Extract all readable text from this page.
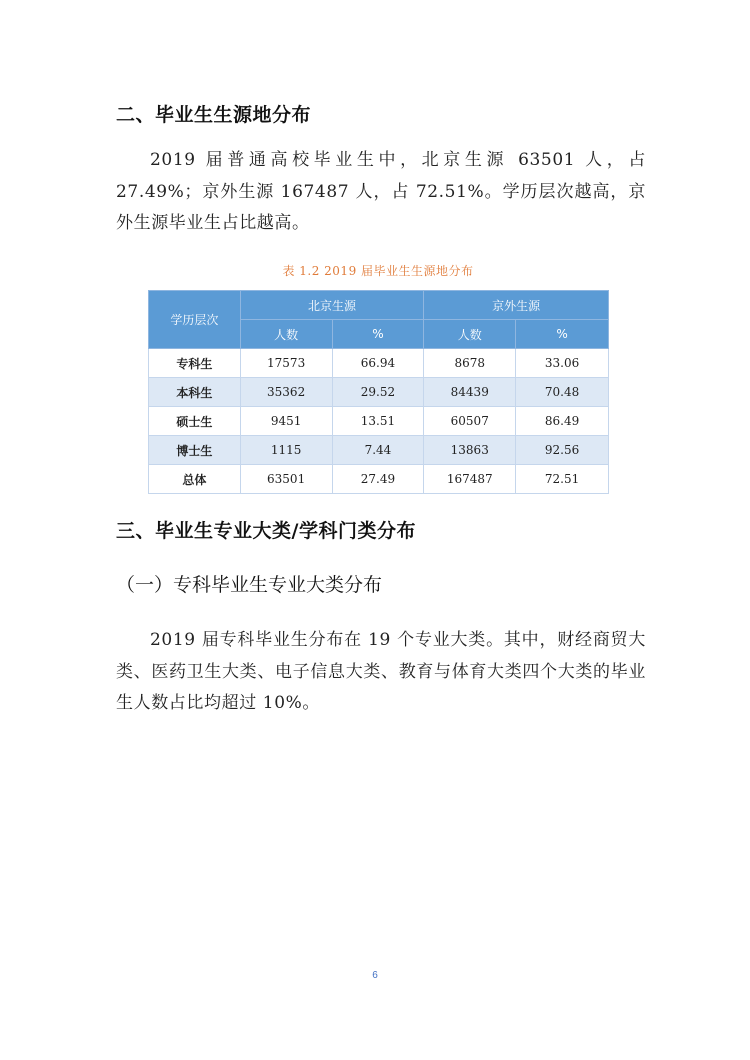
二、毕业生生源地分布
2019 届普通高校毕业生中，北京生源 63501 人，占 27.49%；京外生源 167487 人，占 72.51%。学历层次越高，京外生源毕业生占比越高。
表 1.2 2019 届毕业生生源地分布
学历层次	北京生源		京外生源	
	人数	%	人数	%
专科生	17573	66.94	8678	33.06
本科生	35362	29.52	84439	70.48
硕士生	9451	13.51	60507	86.49
博士生	1115	7.44	13863	92.56
总体	63501	27.49	167487	72.51
三、毕业生专业大类/学科门类分布
（一）专科毕业生专业大类分布
2019 届专科毕业生分布在 19 个专业大类。其中，财经商贸大类、医药卫生大类、电子信息大类、教育与体育大类四个大类的毕业生人数占比均超过 10%。
6
